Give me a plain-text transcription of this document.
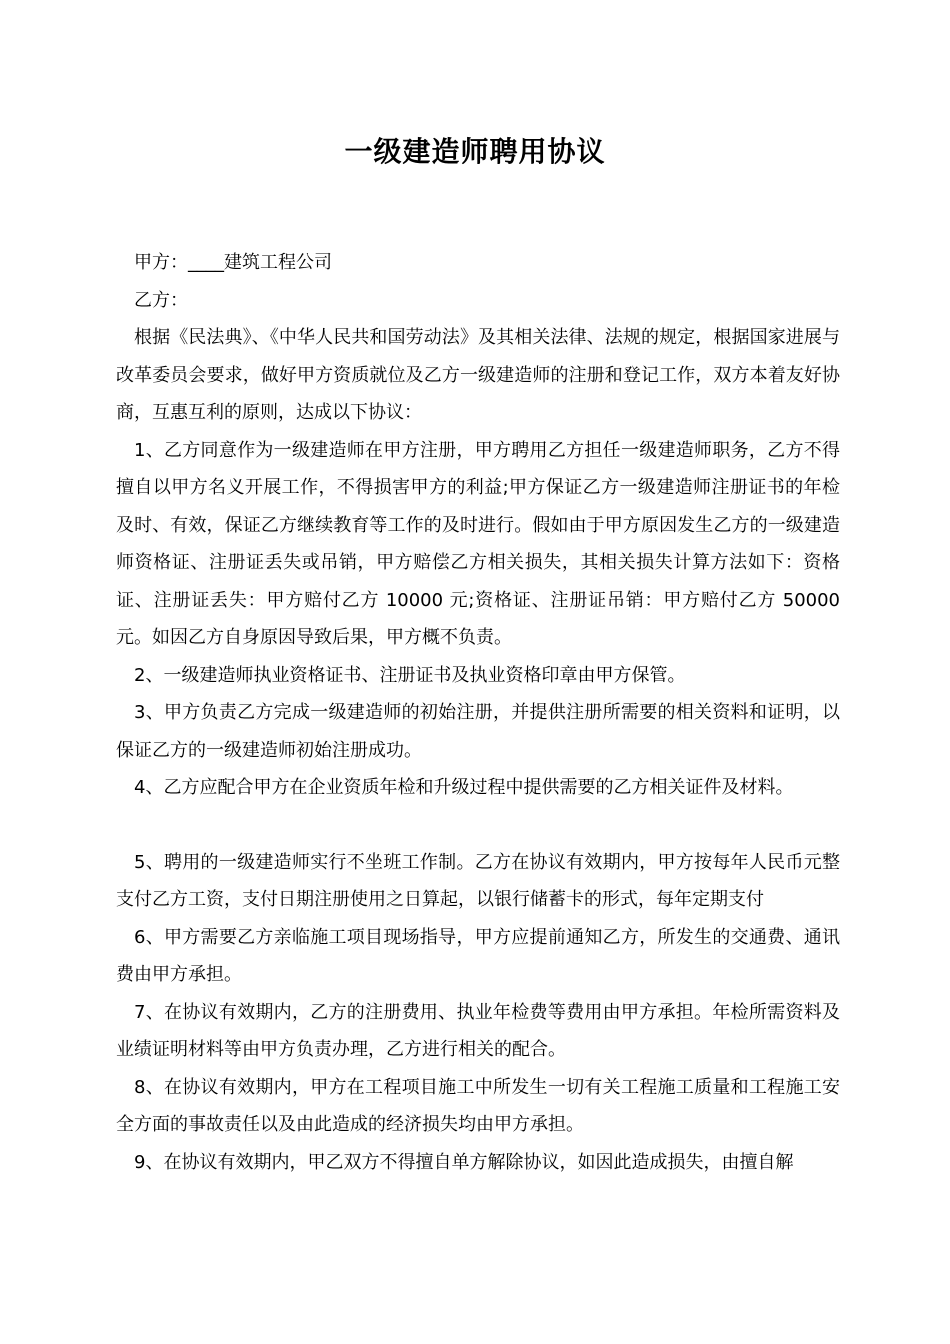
一级建造师聘用协议

甲方：____建筑工程公司

乙方：

根据《民法典》、《中华人民共和国劳动法》及其相关法律、法规的规定，根据国家进展与改革委员会要求，做好甲方资质就位及乙方一级建造师的注册和登记工作，双方本着友好协商，互惠互利的原则，达成以下协议：

1、乙方同意作为一级建造师在甲方注册，甲方聘用乙方担任一级建造师职务，乙方不得擅自以甲方名义开展工作，不得损害甲方的利益;甲方保证乙方一级建造师注册证书的年检及时、有效，保证乙方继续教育等工作的及时进行。假如由于甲方原因发生乙方的一级建造师资格证、注册证丢失或吊销，甲方赔偿乙方相关损失，其相关损失计算方法如下：资格证、注册证丢失：甲方赔付乙方 10000 元;资格证、注册证吊销：甲方赔付乙方 50000 元。如因乙方自身原因导致后果，甲方概不负责。

2、一级建造师执业资格证书、注册证书及执业资格印章由甲方保管。

3、甲方负责乙方完成一级建造师的初始注册，并提供注册所需要的相关资料和证明，以保证乙方的一级建造师初始注册成功。

4、乙方应配合甲方在企业资质年检和升级过程中提供需要的乙方相关证件及材料。

5、聘用的一级建造师实行不坐班工作制。乙方在协议有效期内，甲方按每年人民币元整支付乙方工资，支付日期注册使用之日算起，以银行储蓄卡的形式，每年定期支付

6、甲方需要乙方亲临施工项目现场指导，甲方应提前通知乙方，所发生的交通费、通讯费由甲方承担。

7、在协议有效期内，乙方的注册费用、执业年检费等费用由甲方承担。年检所需资料及业绩证明材料等由甲方负责办理，乙方进行相关的配合。

8、在协议有效期内，甲方在工程项目施工中所发生一切有关工程施工质量和工程施工安全方面的事故责任以及由此造成的经济损失均由甲方承担。

9、在协议有效期内，甲乙双方不得擅自单方解除协议，如因此造成损失，由擅自解
